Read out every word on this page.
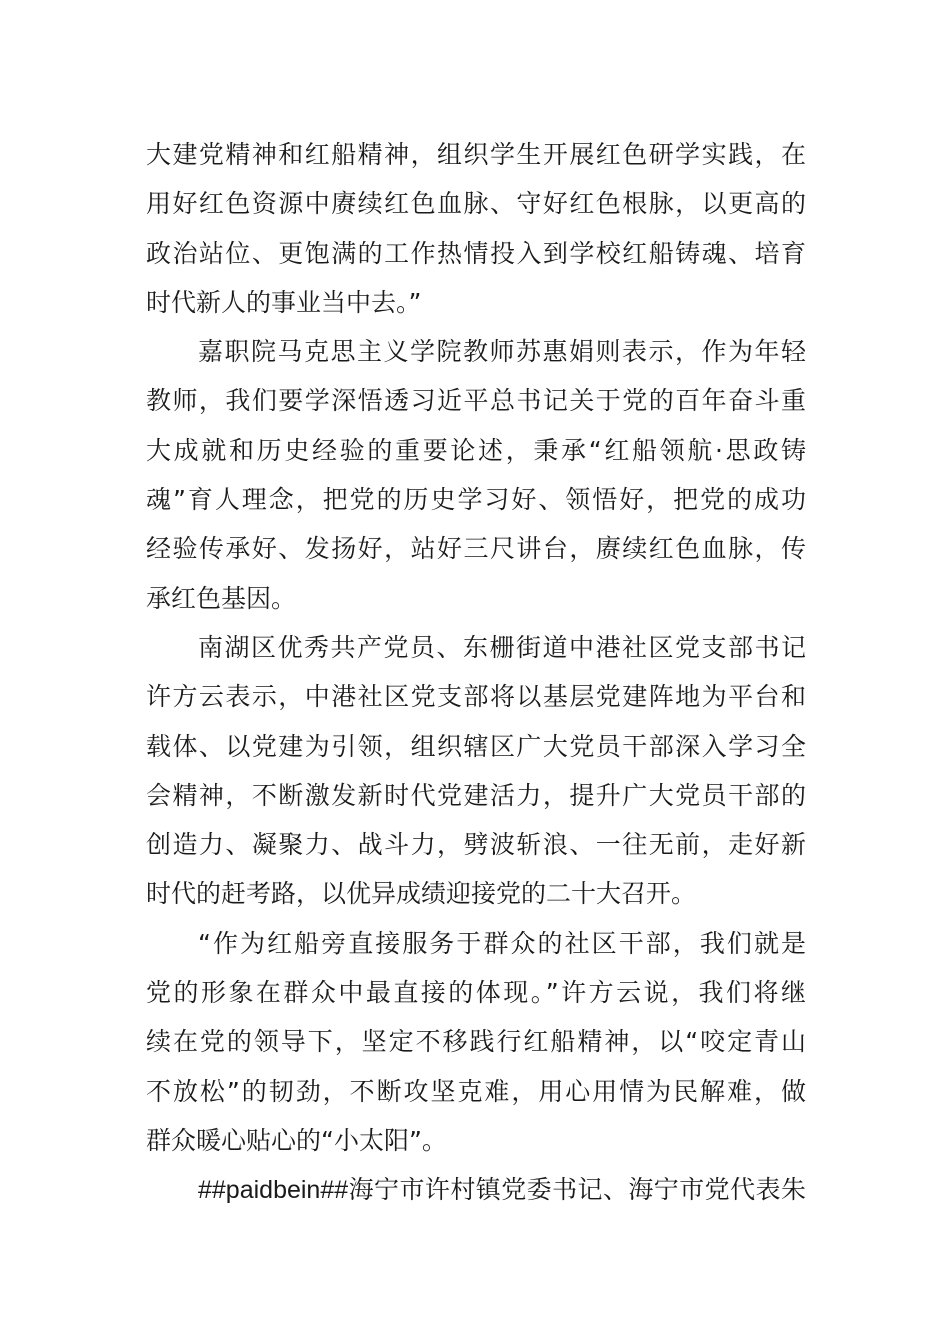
大建党精神和红船精神，组织学生开展红色研学实践，在
用好红色资源中赓续红色血脉、守好红色根脉，以更高的
政治站位、更饱满的工作热情投入到学校红船铸魂、培育
时代新人的事业当中去。”
嘉职院马克思主义学院教师苏惠娟则表示，作为年轻
教师，我们要学深悟透习近平总书记关于党的百年奋斗重
大成就和历史经验的重要论述，秉承“红船领航·思政铸
魂”育人理念，把党的历史学习好、领悟好，把党的成功
经验传承好、发扬好，站好三尺讲台，赓续红色血脉，传
承红色基因。
南湖区优秀共产党员、东栅街道中港社区党支部书记
许方云表示，中港社区党支部将以基层党建阵地为平台和
载体、以党建为引领，组织辖区广大党员干部深入学习全
会精神，不断激发新时代党建活力，提升广大党员干部的
创造力、凝聚力、战斗力，劈波斩浪、一往无前，走好新
时代的赶考路，以优异成绩迎接党的二十大召开。
“作为红船旁直接服务于群众的社区干部，我们就是
党的形象在群众中最直接的体现。”许方云说，我们将继
续在党的领导下，坚定不移践行红船精神，以“咬定青山
不放松”的韧劲，不断攻坚克难，用心用情为民解难，做
群众暖心贴心的“小太阳”。
##paidbein##海宁市许村镇党委书记、海宁市党代表朱
